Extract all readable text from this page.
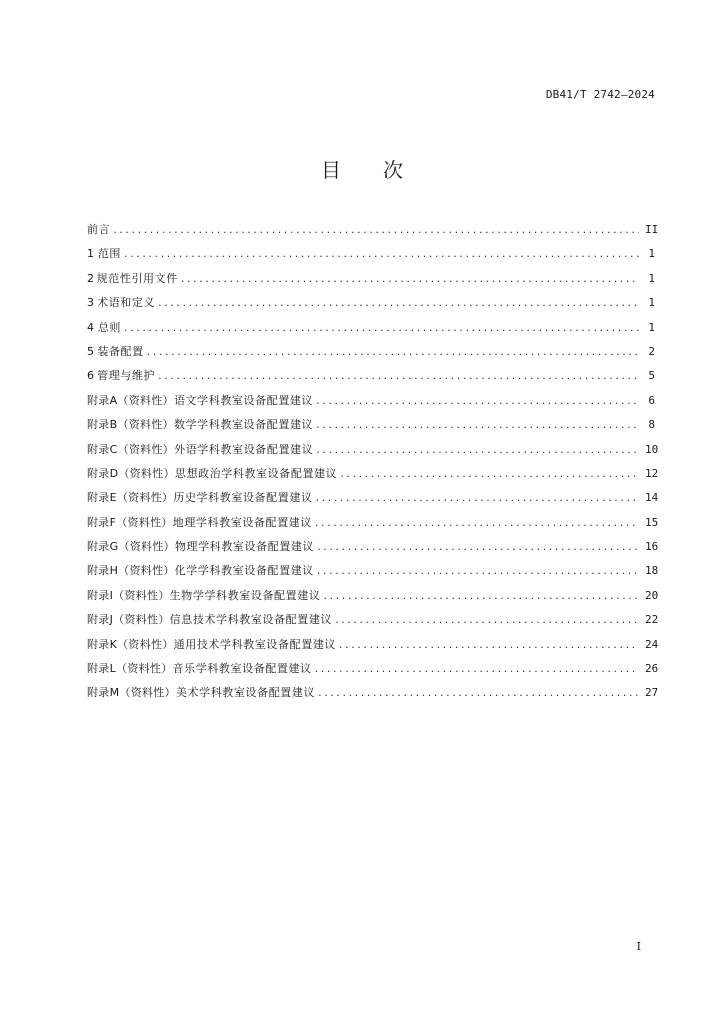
DB41/T 2742—2024
目 次
前言 .....	II
1 范围 .....	1
2 规范性引用文件 .....	1
3 术语和定义 .....	1
4 总则 .....	1
5 装备配置 .....	2
6 管理与维护 .....	5
附录A（资料性） 语文学科教室设备配置建议 .....	6
附录B（资料性） 数学学科教室设备配置建议 .....	8
附录C（资料性） 外语学科教室设备配置建议 .....	10
附录D（资料性） 思想政治学科教室设备配置建议 .....	12
附录E（资料性） 历史学科教室设备配置建议 .....	14
附录F（资料性） 地理学科教室设备配置建议 .....	15
附录G（资料性） 物理学科教室设备配置建议 .....	16
附录H（资料性） 化学学科教室设备配置建议 .....	18
附录I（资料性） 生物学学科教室设备配置建议 .....	20
附录J（资料性） 信息技术学科教室设备配置建议 .....	22
附录K（资料性） 通用技术学科教室设备配置建议 .....	24
附录L（资料性） 音乐学科教室设备配置建议 .....	26
附录M（资料性） 美术学科教室设备配置建议 .....	27
I
